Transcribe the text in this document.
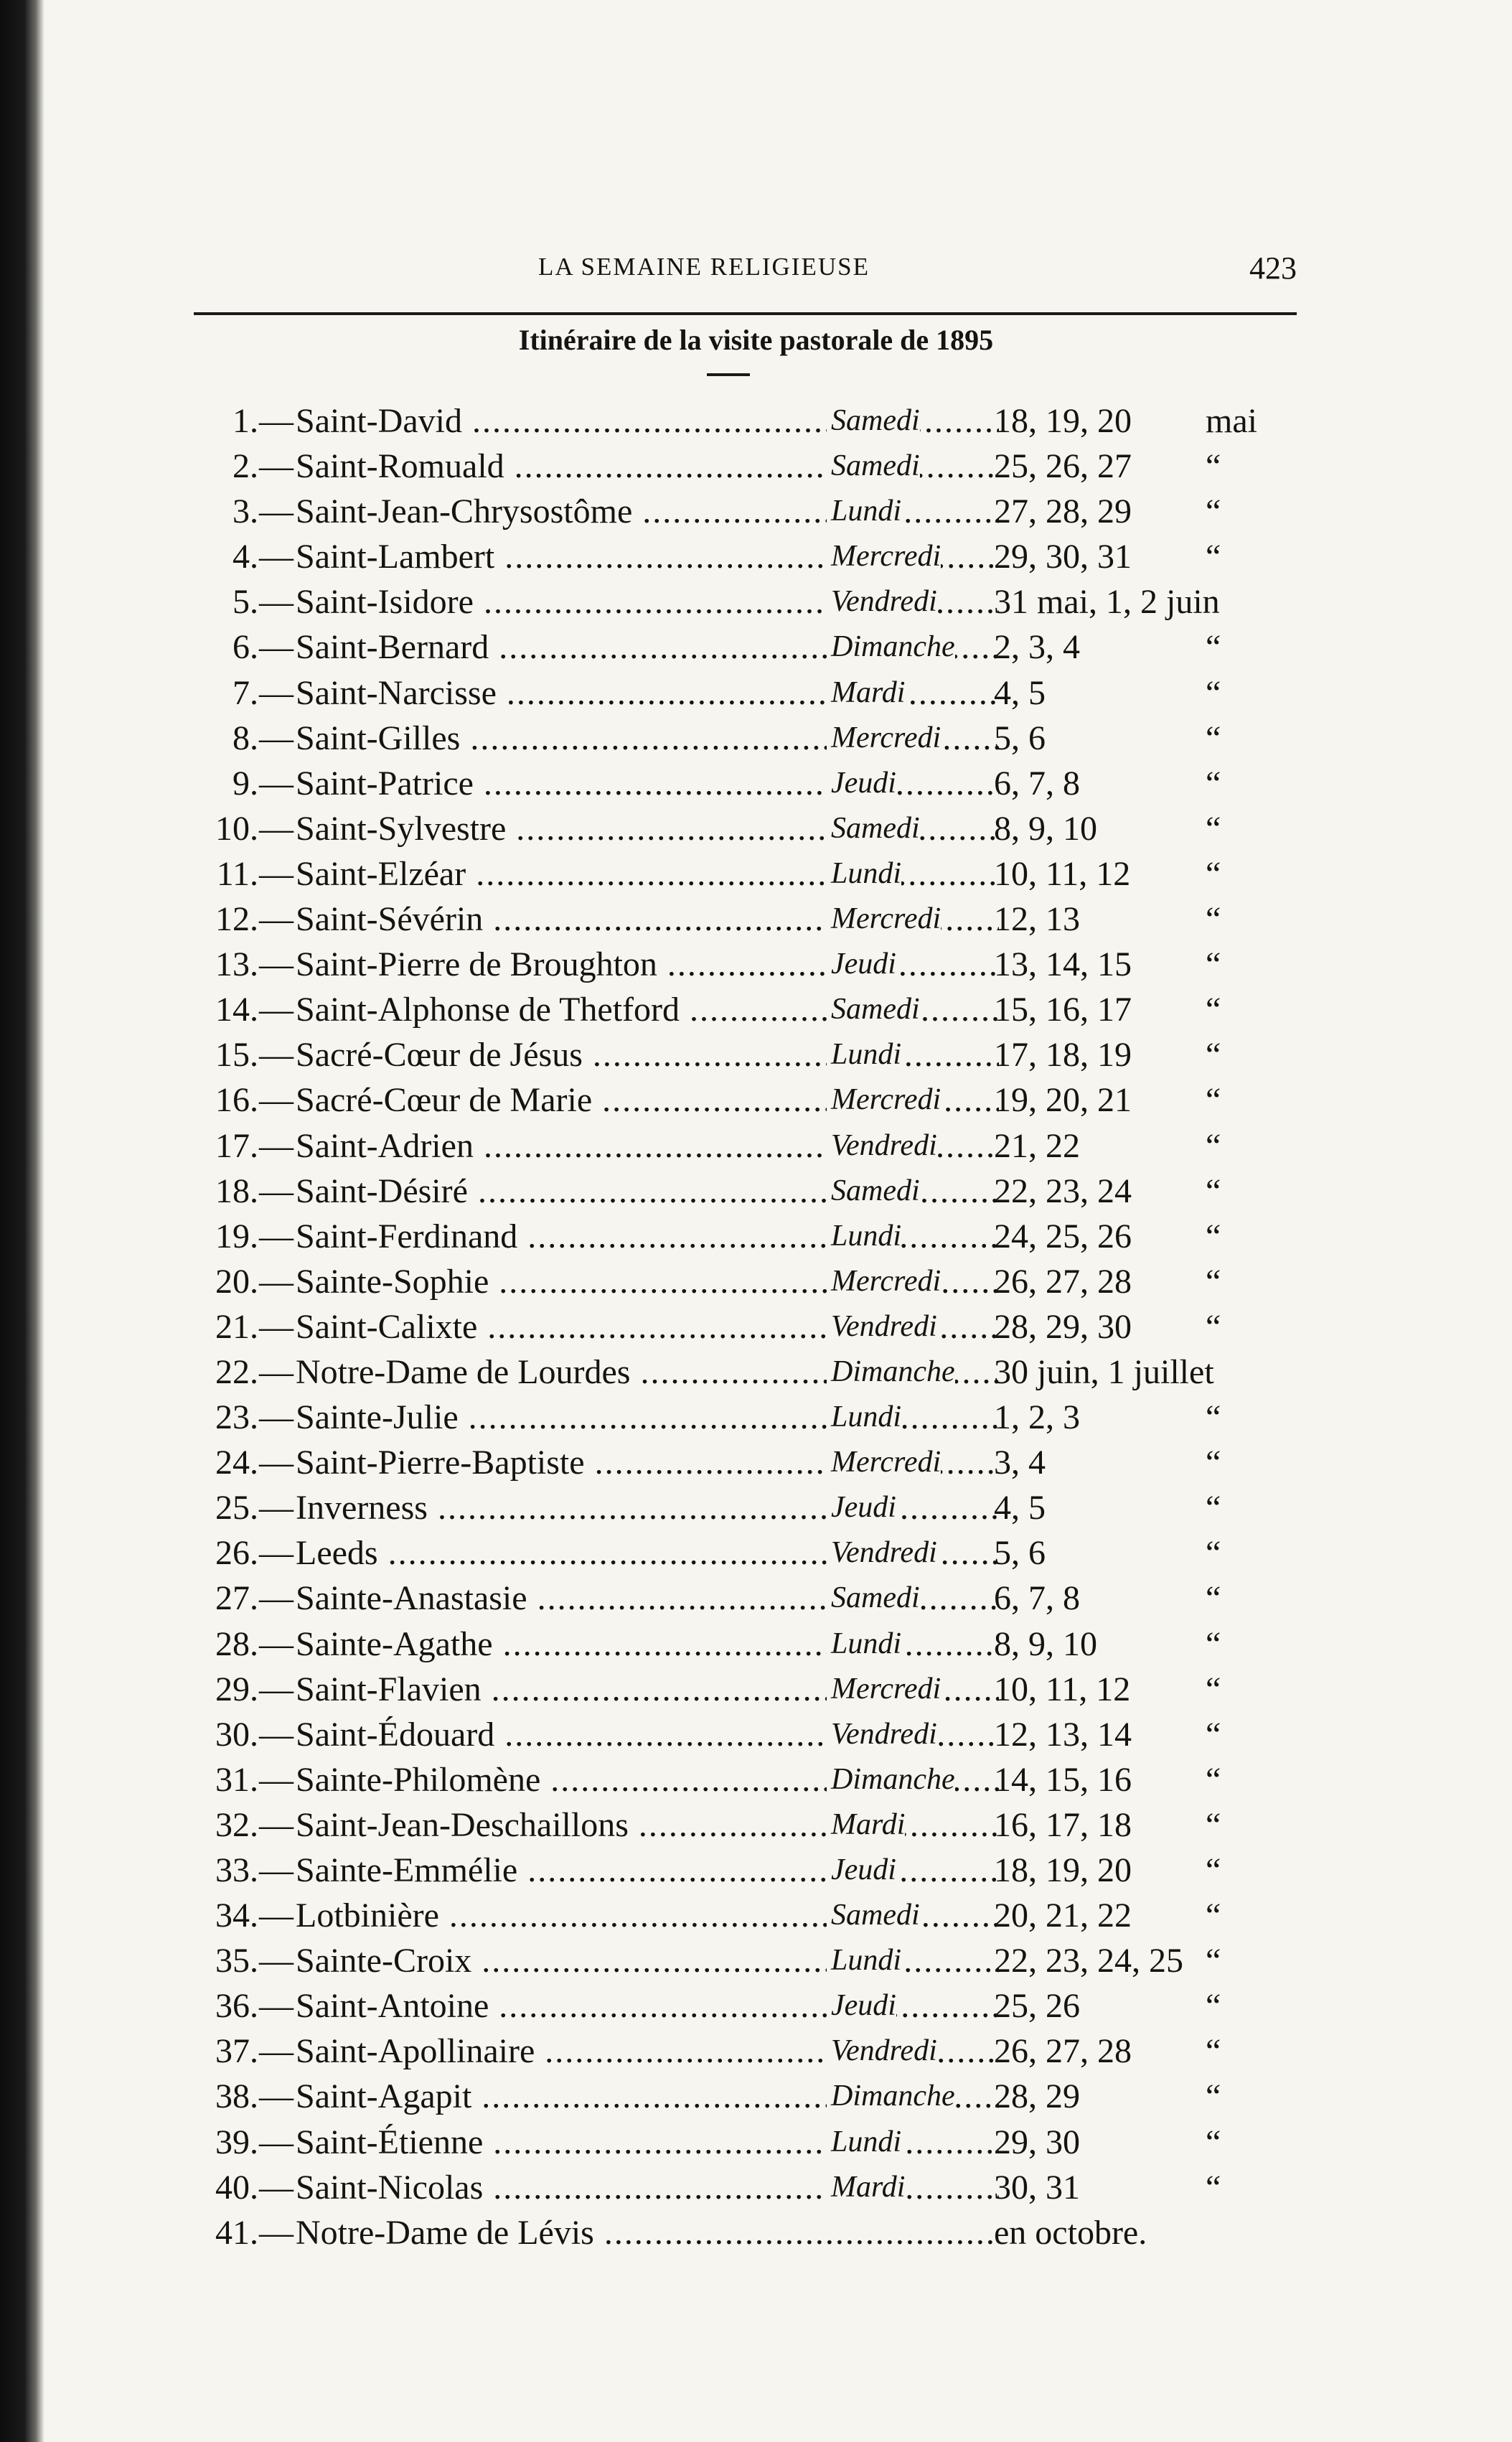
LA SEMAINE RELIGIEUSE	423
Itinéraire de la visite pastorale de 1895
1. — Saint-David .....	Samedi 18, 19, 20 mai
2. — Saint-Romuald .....	Samedi 25, 26, 27 “
3. — Saint-Jean-Chrysostôme .....	Lundi	27, 28, 29 “
4. — Saint-Lambert .....	Mercredi 29, 30, 31 “
5. — Saint-Isidore .....	Vendredi 31 mai, 1, 2 juin
6. — Saint-Bernard .....	Dimanche 2, 3, 4	“
7. — Saint-Narcisse .....	Mardi	4, 5	“
8. — Saint-Gilles .....	Mercredi 5, 6	“
9. — Saint-Patrice .....	Jeudi	6, 7, 8	“
10. — Saint-Sylvestre .....	Samedi 8, 9, 10	“
11. — Saint-Elzéar .....	Lundi	10, 11, 12 “
12. — Saint-Sévérin .....	Mercredi 12, 13	“
13. — Saint-Pierre de Broughton .....	Jeudi	13, 14, 15 “
14. — Saint-Alphonse de Thetford .....	Samedi 15, 16, 17 “
15. — Sacré-Cœur de Jésus .....	Lundi	17, 18, 19 “
16. — Sacré-Cœur de Marie .....	Mercredi 19, 20, 21 “
17. — Saint-Adrien .....	Vendredi 21, 22	“
18. — Saint-Désiré .....	Samedi 22, 23, 24 “
19. — Saint-Ferdinand .....	Lundi	24, 25, 26 “
20. — Sainte-Sophie .....	Mercredi 26, 27, 28 “
21. — Saint-Calixte .....	Vendredi 28, 29, 30 “
22. — Notre-Dame de Lourdes .....	Dimanche 30 juin, 1 juillet
23. — Sainte-Julie .....	Lundi	1, 2, 3	“
24. — Saint-Pierre-Baptiste .....	Mercredi 3, 4	“
25. — Inverness .....	Jeudi	4, 5	“
26. — Leeds .....	Vendredi 5, 6	“
27. — Sainte-Anastasie .....	Samedi 6, 7, 8	“
28. — Sainte-Agathe .....	Lundi	8, 9, 10	“
29. — Saint-Flavien .....	Mercredi 10, 11, 12 “
30. — Saint-Édouard .....	Vendredi 12, 13, 14 “
31. — Sainte-Philomène .....	Dimanche 14, 15, 16 “
32. — Saint-Jean-Deschaillons .....	Mardi	16, 17, 18 “
33. — Sainte-Emmélie .....	Jeudi	18, 19, 20 “
34. — Lotbinière .....	Samedi 20, 21, 22 “
35. — Sainte-Croix .....	Lundi	22, 23, 24, 25 “
36. — Saint-Antoine .....	Jeudi	25, 26	“
37. — Saint-Apollinaire .....	Vendredi 26, 27, 28 “
38. — Saint-Agapit .....	Dimanche 28, 29	“
39. — Saint-Étienne .....	Lundi	29, 30	“
40. — Saint-Nicolas .....	Mardi	30, 31	“
41. — Notre-Dame de Lévis .....	en octobre.
